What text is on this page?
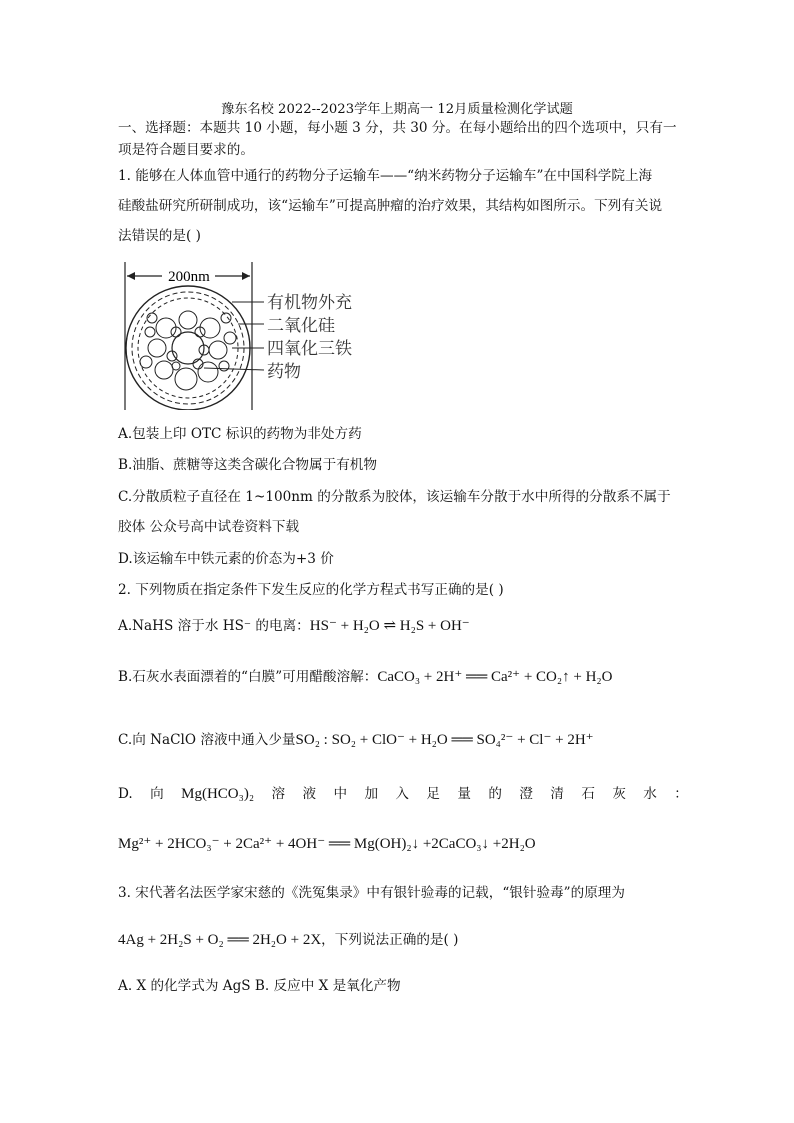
豫东名校 2022--2023学年上期高一 12月质量检测化学试题
一、选择题：本题共 10 小题，每小题 3 分，共 30 分。在每小题给出的四个选项中，只有一
项是符合题目要求的。
1. 能够在人体血管中通行的药物分子运输车——“纳米药物分子运输车”在中国科学院上海
硅酸盐研究所研制成功，该“运输车”可提高肿瘤的治疗效果，其结构如图所示。下列有关说
法错误的是( )
200nm
有机物外充
二氧化硅
四氧化三铁
药物
A.包装上印 OTC 标识的药物为非处方药
B.油脂、蔗糖等这类含碳化合物属于有机物
C.分散质粒子直径在 1~100nm 的分散系为胶体，该运输车分散于水中所得的分散系不属于
胶体 公众号高中试卷资料下载
D.该运输车中铁元素的价态为+3 价
2. 下列物质在指定条件下发生反应的化学方程式书写正确的是( )
A.NaHS 溶于水 HS⁻ 的电离：HS⁻ + H₂O ⇌ H₂S + OH⁻
B.石灰水表面漂着的“白膜”可用醋酸溶解：CaCO₃ + 2H⁺ ══ Ca²⁺ + CO₂↑ + H₂O
C.向 NaClO 溶液中通入少量SO₂ : SO₂ + ClO⁻ + H₂O ══ SO₄²⁻ + Cl⁻ + 2H⁺
D. 向 Mg(HCO₃)₂ 溶 液 中 加 入 足 量 的 澄 清 石 灰 水 ：
Mg²⁺ + 2HCO₃⁻ + 2Ca²⁺ + 4OH⁻ ══ Mg(OH)₂↓ +2CaCO₃↓ +2H₂O
3. 宋代著名法医学家宋慈的《洗冤集录》中有银针验毒的记载，“银针验毒”的原理为
4Ag + 2H₂S + O₂ ══ 2H₂O + 2X，下列说法正确的是( )
A. X 的化学式为 AgS B. 反应中 X 是氧化产物
